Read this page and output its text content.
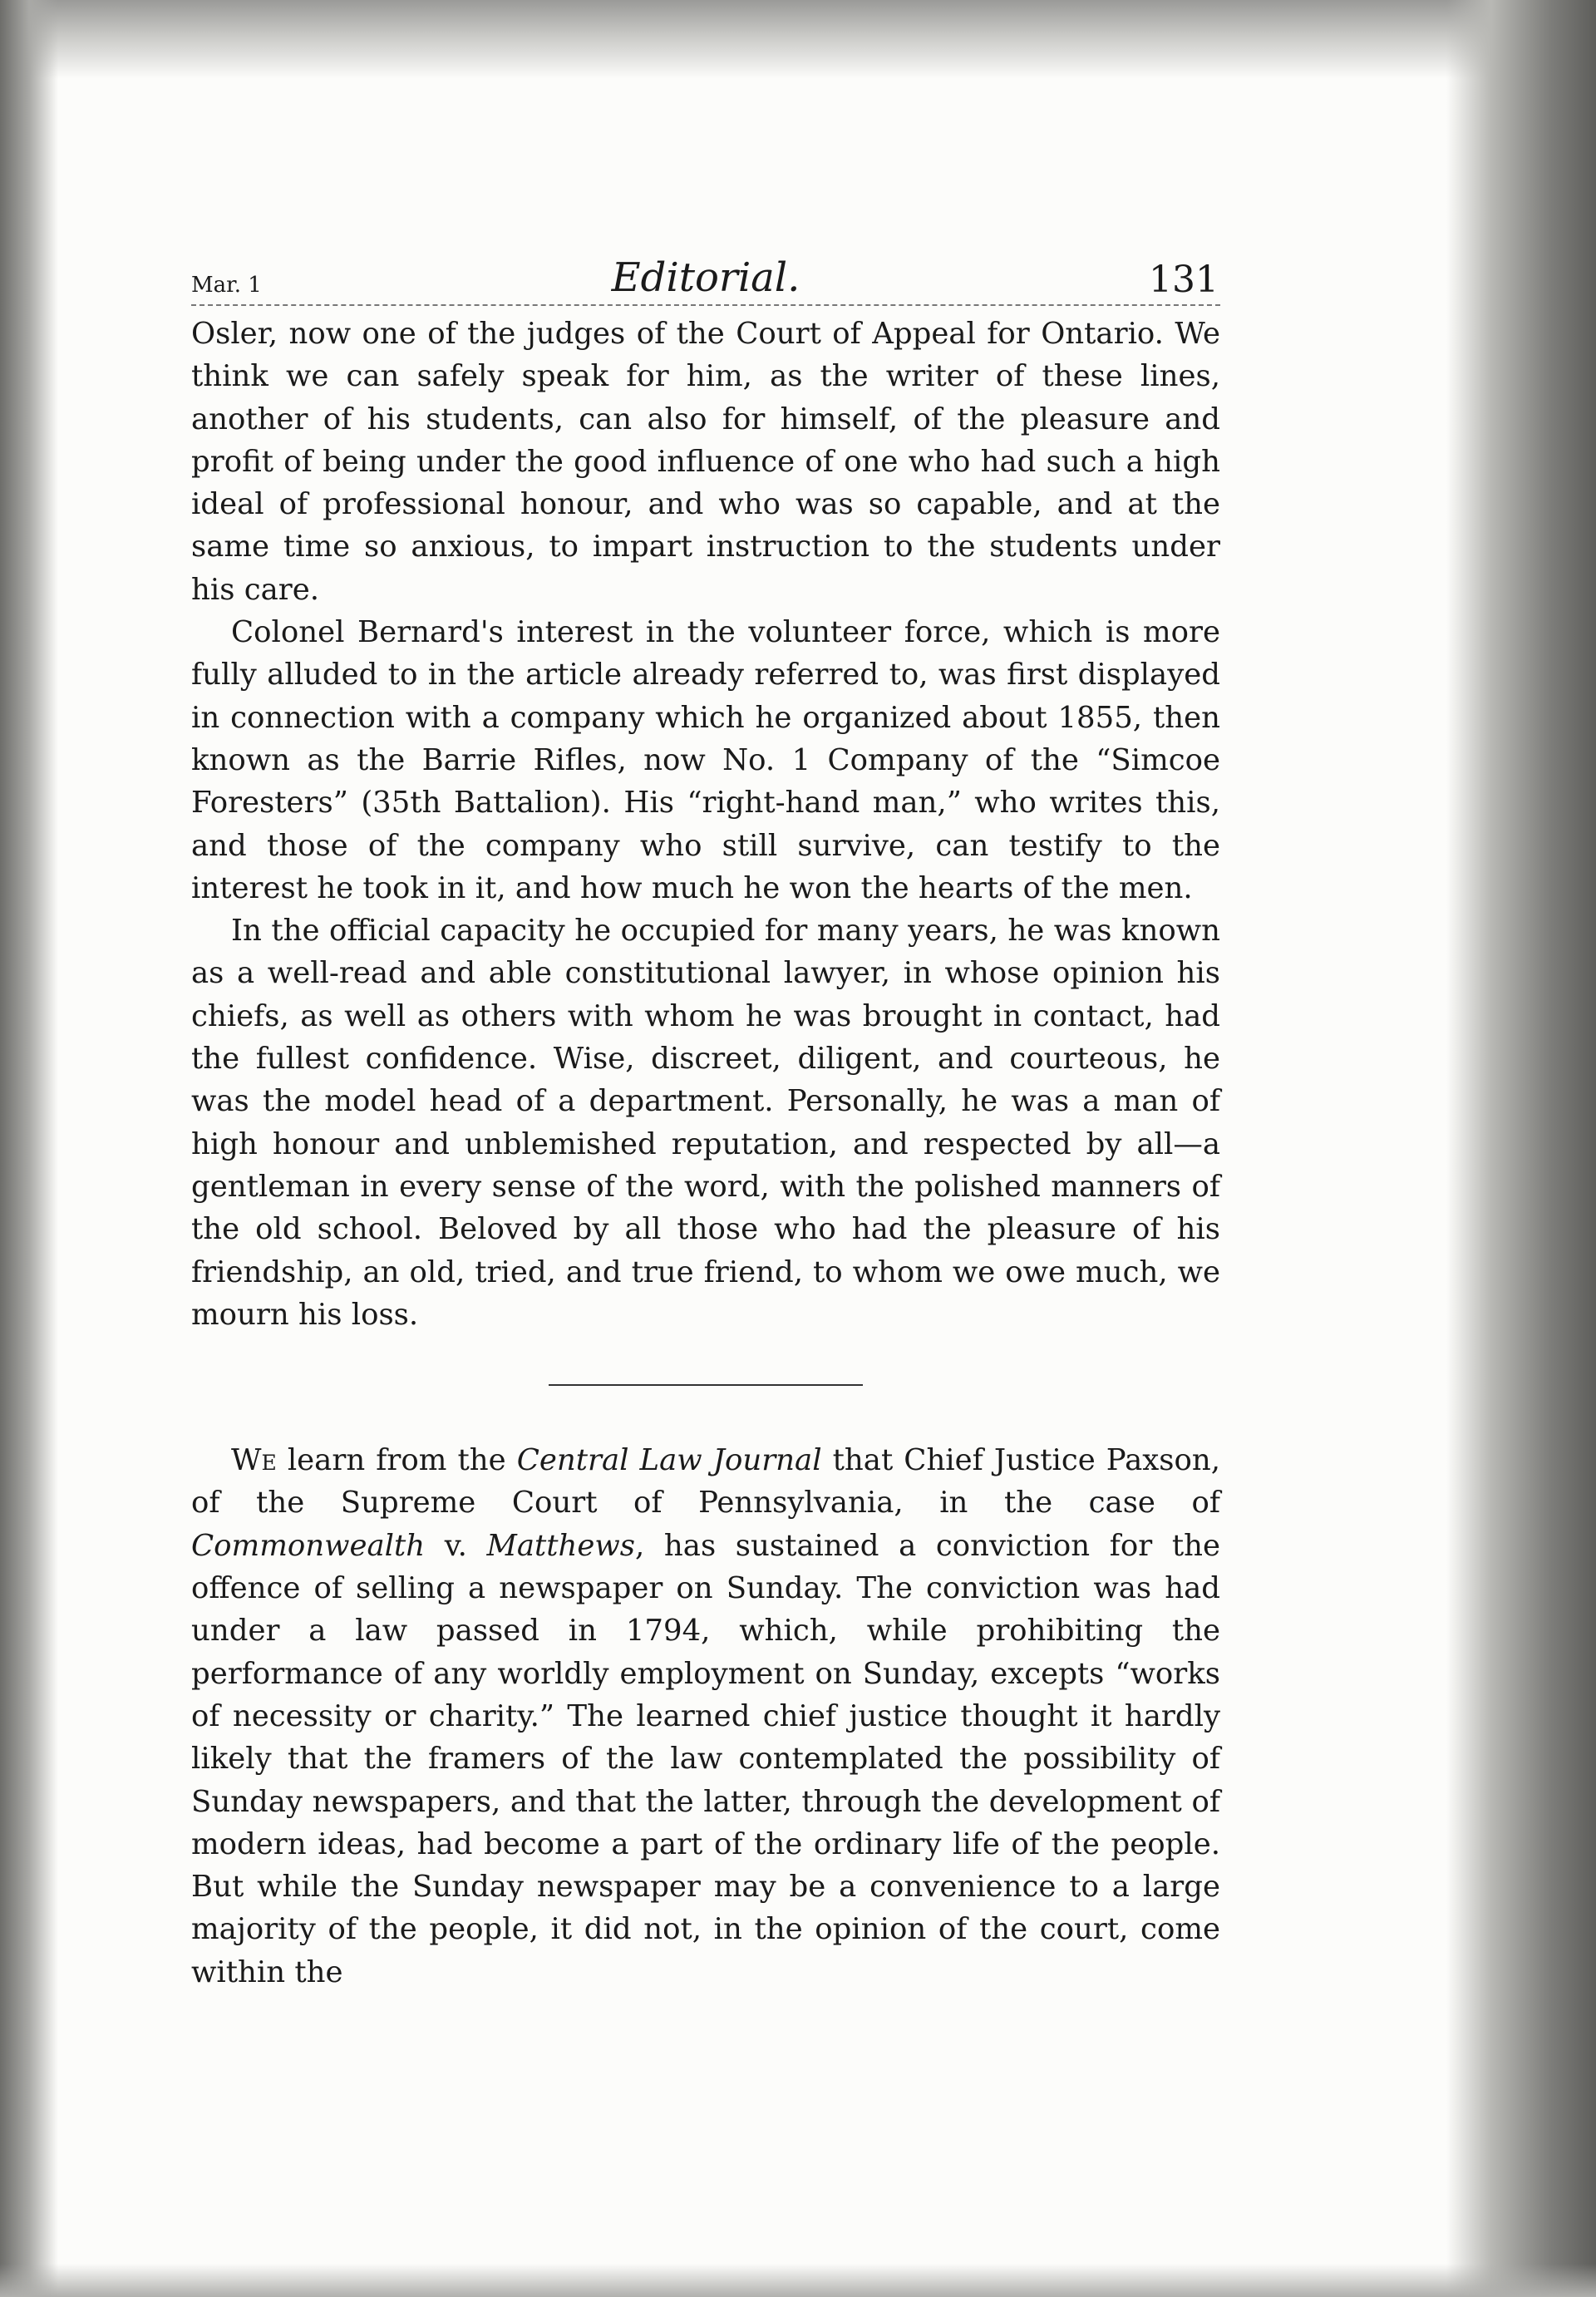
Mar. 1	Editorial.	131

Osler, now one of the judges of the Court of Appeal for Ontario. We think we can safely speak for him, as the writer of these lines, another of his students, can also for himself, of the pleasure and profit of being under the good influence of one who had such a high ideal of professional honour, and who was so capable, and at the same time so anxious, to impart instruction to the students under his care.

Colonel Bernard's interest in the volunteer force, which is more fully alluded to in the article already referred to, was first displayed in connection with a company which he organized about 1855, then known as the Barrie Rifles, now No. 1 Company of the “Simcoe Foresters” (35th Battalion). His “right-hand man,” who writes this, and those of the company who still survive, can testify to the interest he took in it, and how much he won the hearts of the men.

In the official capacity he occupied for many years, he was known as a well-read and able constitutional lawyer, in whose opinion his chiefs, as well as others with whom he was brought in contact, had the fullest confidence. Wise, discreet, diligent, and courteous, he was the model head of a department. Personally, he was a man of high honour and unblemished reputation, and respected by all—a gentleman in every sense of the word, with the polished manners of the old school. Beloved by all those who had the pleasure of his friendship, an old, tried, and true friend, to whom we owe much, we mourn his loss.

We learn from the Central Law Journal that Chief Justice Paxson, of the Supreme Court of Pennsylvania, in the case of Commonwealth v. Matthews, has sustained a conviction for the offence of selling a newspaper on Sunday. The conviction was had under a law passed in 1794, which, while prohibiting the performance of any worldly employment on Sunday, excepts “works of necessity or charity.” The learned chief justice thought it hardly likely that the framers of the law contemplated the possibility of Sunday newspapers, and that the latter, through the development of modern ideas, had become a part of the ordinary life of the people. But while the Sunday newspaper may be a convenience to a large majority of the people, it did not, in the opinion of the court, come within the
